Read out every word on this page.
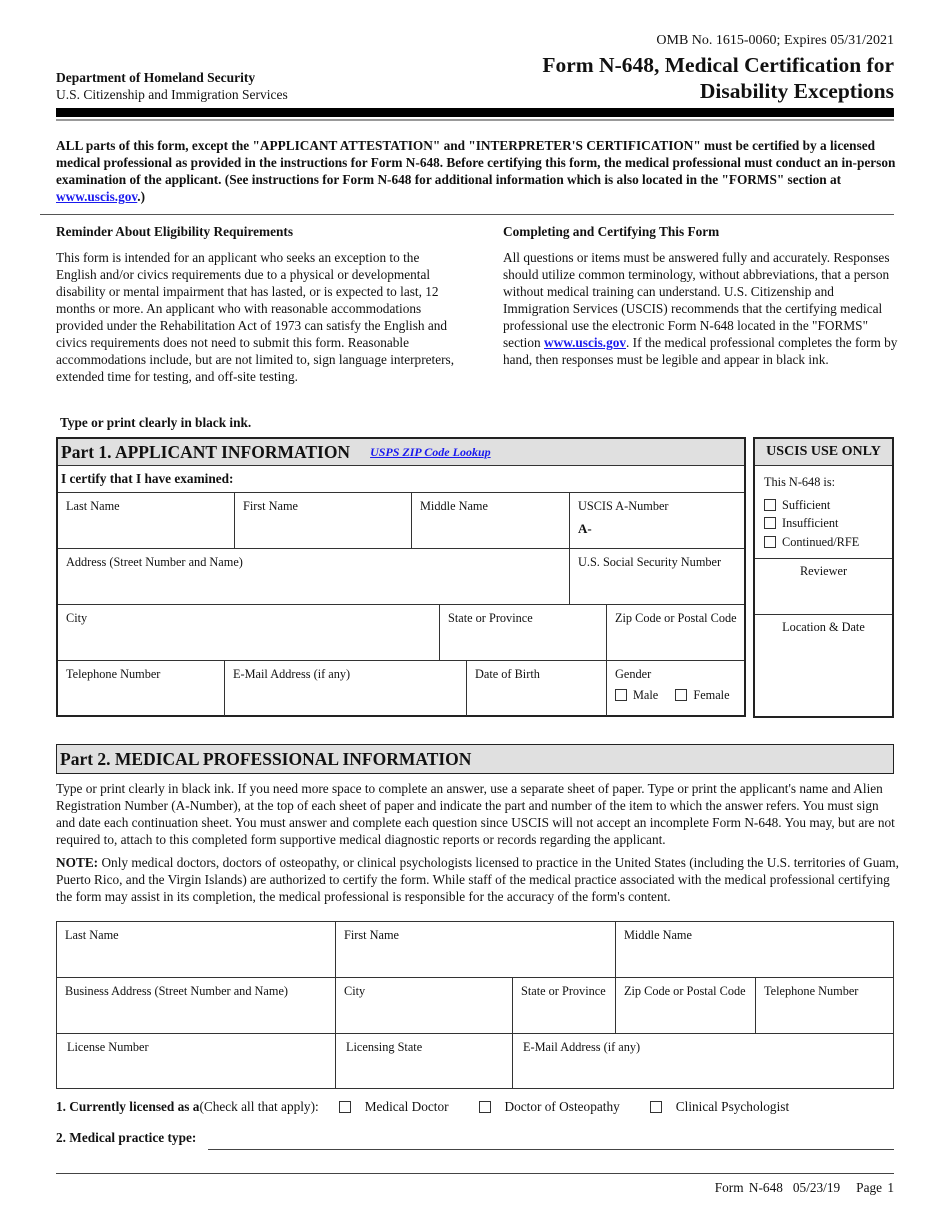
OMB No. 1615-0060; Expires 05/31/2021
Form N-648, Medical Certification for
Disability Exceptions
Department of Homeland Security
U.S. Citizenship and Immigration Services
ALL parts of this form, except the "APPLICANT ATTESTATION" and "INTERPRETER'S CERTIFICATION" must be certified by a licensed medical professional as provided in the instructions for Form N-648. Before certifying this form, the medical professional must conduct an in-person examination of the applicant. (See instructions for Form N-648 for additional information which is also located in the "FORMS" section at www.uscis.gov.)
Reminder About Eligibility Requirements

This form is intended for an applicant who seeks an exception to the English and/or civics requirements due to a physical or developmental disability or mental impairment that has lasted, or is expected to last, 12 months or more. An applicant who with reasonable accommodations provided under the Rehabilitation Act of 1973 can satisfy the English and civics requirements does not need to submit this form. Reasonable accommodations include, but are not limited to, sign language interpreters, extended time for testing, and off-site testing.

Completing and Certifying This Form

All questions or items must be answered fully and accurately. Responses should utilize common terminology, without abbreviations, that a person without medical training can understand. U.S. Citizenship and Immigration Services (USCIS) recommends that the certifying medical professional use the electronic Form N-648 located in the "FORMS" section www.uscis.gov. If the medical professional completes the form by hand, then responses must be legible and appear in black ink.

Type or print clearly in black ink.
Part 1. APPLICANT INFORMATION USPS ZIP Code Lookup
I certify that I have examined:
Last Name	First Name	Middle Name	USCIS A-Number
A-
Address (Street Number and Name)	U.S. Social Security Number
City	State or Province	Zip Code or Postal Code
Telephone Number	E-Mail Address (if any)	Date of Birth	Gender
Male	Female
USCIS USE ONLY
This N-648 is:
Sufficient
Insufficient
Continued/RFE
Reviewer
Location & Date
Part 2. MEDICAL PROFESSIONAL INFORMATION

Type or print clearly in black ink. If you need more space to complete an answer, use a separate sheet of paper. Type or print the applicant's name and Alien Registration Number (A-Number), at the top of each sheet of paper and indicate the part and number of the item to which the answer refers. You must sign and date each continuation sheet. You must answer and complete each question since USCIS will not accept an incomplete Form N-648. You may, but are not required to, attach to this completed form supportive medical diagnostic reports or records regarding the applicant.

NOTE: Only medical doctors, doctors of osteopathy, or clinical psychologists licensed to practice in the United States (including the U.S. territories of Guam, Puerto Rico, and the Virgin Islands) are authorized to certify the form. While staff of the medical practice associated with the medical professional certifying the form may assist in its completion, the medical professional is responsible for the accuracy of the form's content.

Last Name	First Name	Middle Name
Business Address (Street Number and Name)	City	State or Province	Zip Code or Postal Code	Telephone Number
License Number	Licensing State	E-Mail Address (if any)
1. Currently licensed as a (Check all that apply):	Medical Doctor	Doctor of Osteopathy	Clinical Psychologist
2. Medical practice type:
Form N-648 05/23/19 Page 1
